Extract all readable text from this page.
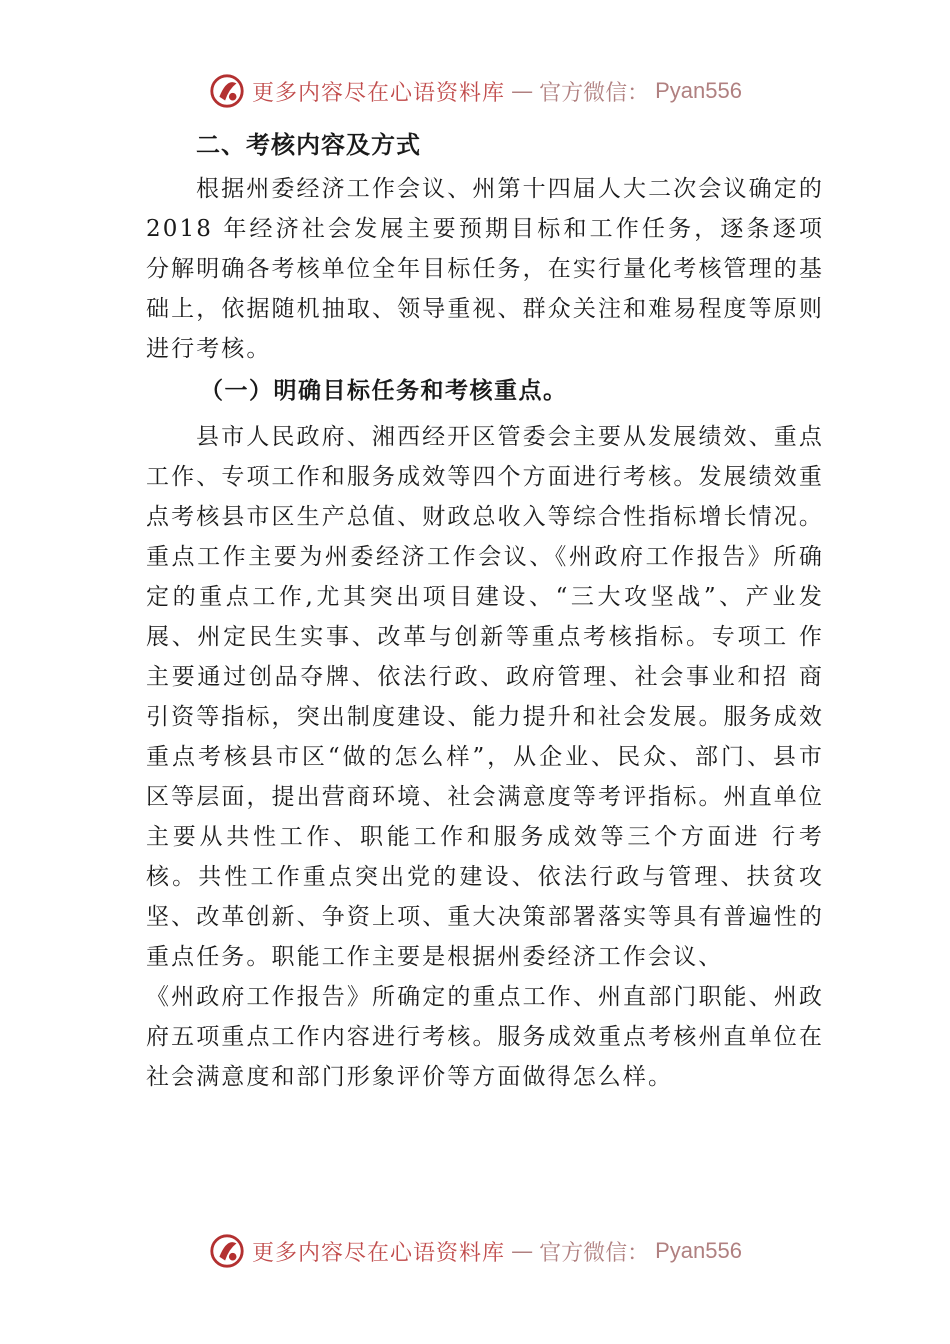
更多内容尽在心语资料库 — 官方微信： Pyan556
二、考核内容及方式

根据州委经济工作会议、州第十四届人大二次会议确定的 2018 年经济社会发展主要预期目标和工作任务，逐条逐项分解明确各考核单位全年目标任务，在实行量化考核管理的基础上，依据随机抽取、领导重视、群众关注和难易程度等原则进行考核。

（一）明确目标任务和考核重点。

县市人民政府、湘西经开区管委会主要从发展绩效、重点工作、专项工作和服务成效等四个方面进行考核。发展绩效重点考核县市区生产总值、财政总收入等综合性指标增长情况。重点工作主要为州委经济工作会议、《州政府工作报告》所确定的重点工作,尤其突出项目建设、“三大攻坚战”、产业发展、州定民生实事、改革与创新等重点考核指标。专项工 作主要通过创品夺牌、依法行政、政府管理、社会事业和招 商引资等指标，突出制度建设、能力提升和社会发展。服务成效重点考核县市区“做的怎么样”，从企业、民众、部门、县市区等层面，提出营商环境、社会满意度等考评指标。州直单位主要从共性工作、职能工作和服务成效等三个方面进 行考核。共性工作重点突出党的建设、依法行政与管理、扶贫攻坚、改革创新、争资上项、重大决策部署落实等具有普遍性的重点任务。职能工作主要是根据州委经济工作会议、

《州政府工作报告》所确定的重点工作、州直部门职能、州政府五项重点工作内容进行考核。服务成效重点考核州直单位在社会满意度和部门形象评价等方面做得怎么样。

更多内容尽在心语资料库 — 官方微信： Pyan556
